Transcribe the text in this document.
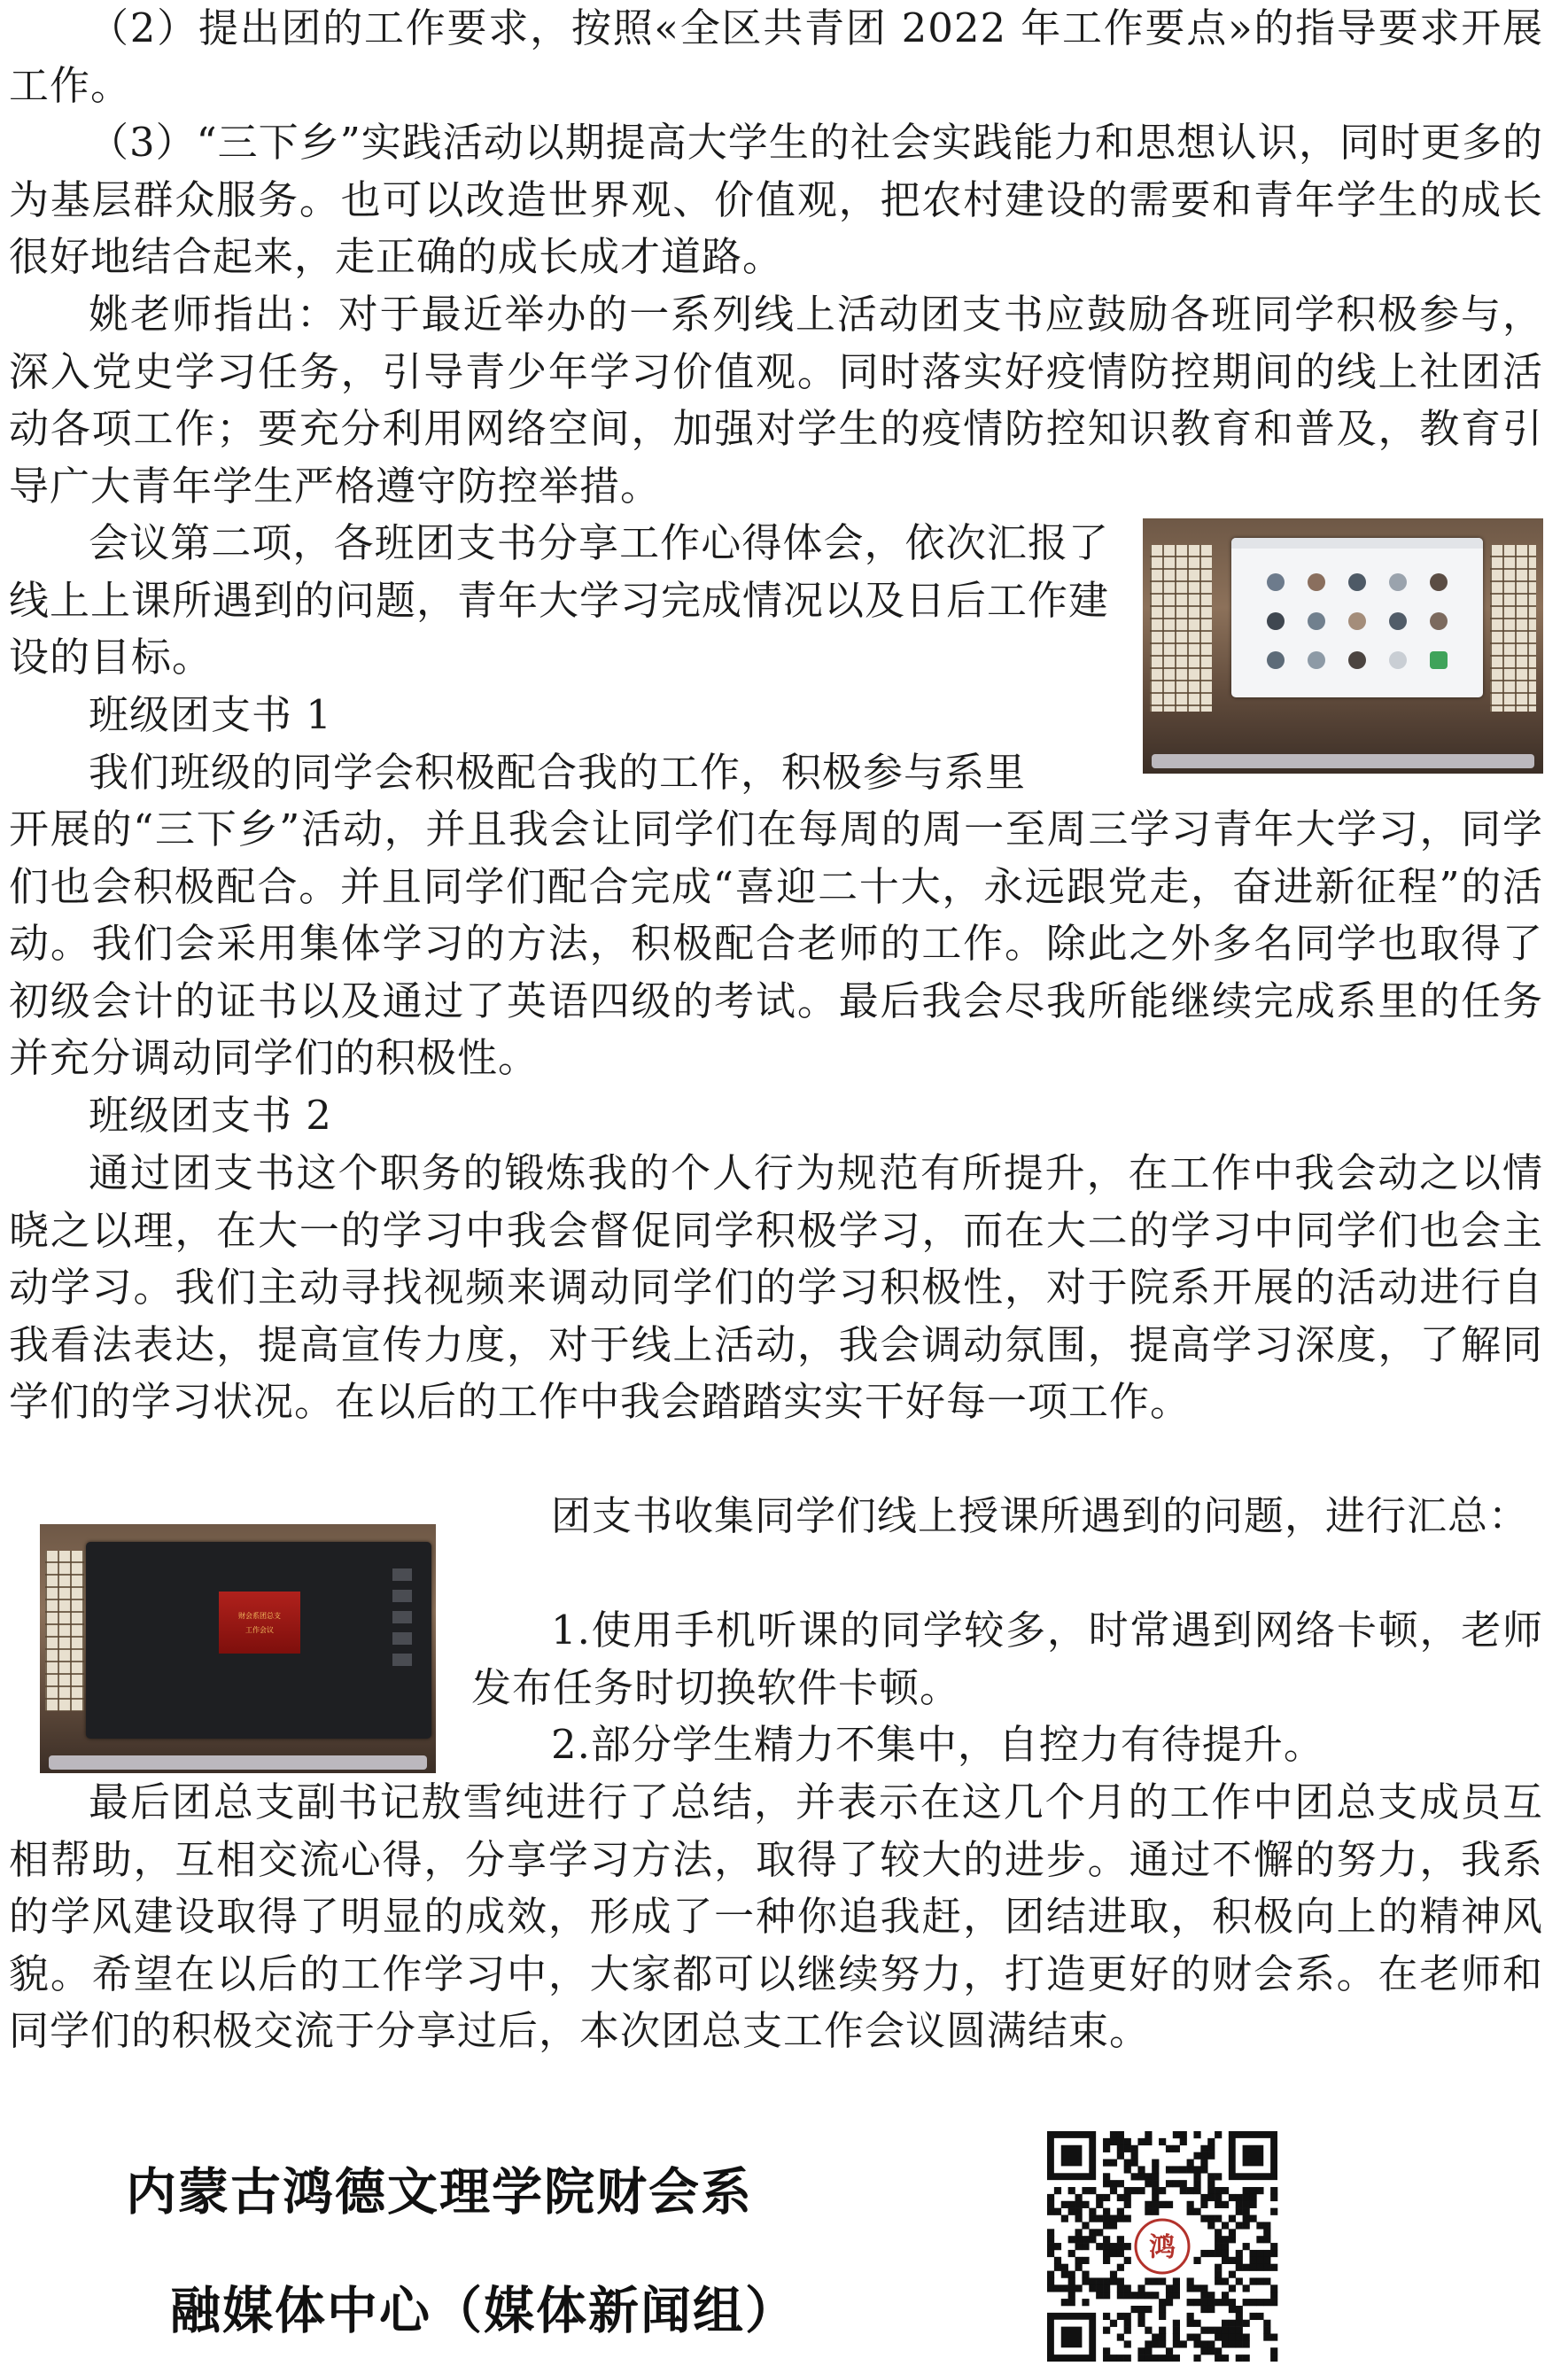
（2）提出团的工作要求，按照«全区共青团 2022 年工作要点»的指导要求开展工作。

（3）“三下乡”实践活动以期提高大学生的社会实践能力和思想认识，同时更多的为基层群众服务。也可以改造世界观、价值观，把农村建设的需要和青年学生的成长很好地结合起来，走正确的成长成才道路。

姚老师指出：对于最近举办的一系列线上活动团支书应鼓励各班同学积极参与，深入党史学习任务，引导青少年学习价值观。同时落实好疫情防控期间的线上社团活动各项工作；要充分利用网络空间，加强对学生的疫情防控知识教育和普及，教育引导广大青年学生严格遵守防控举措。

会议第二项，各班团支书分享工作心得体会，依次汇报了线上上课所遇到的问题，青年大学习完成情况以及日后工作建设的目标。

班级团支书 1

我们班级的同学会积极配合我的工作，积极参与系里

开展的“三下乡”活动，并且我会让同学们在每周的周一至周三学习青年大学习，同学们也会积极配合。并且同学们配合完成“喜迎二十大，永远跟党走，奋进新征程”的活动。我们会采用集体学习的方法，积极配合老师的工作。除此之外多名同学也取得了初级会计的证书以及通过了英语四级的考试。最后我会尽我所能继续完成系里的任务并充分调动同学们的积极性。

班级团支书 2

通过团支书这个职务的锻炼我的个人行为规范有所提升，在工作中我会动之以情晓之以理，在大一的学习中我会督促同学积极学习，而在大二的学习中同学们也会主动学习。我们主动寻找视频来调动同学们的学习积极性，对于院系开展的活动进行自我看法表达，提高宣传力度，对于线上活动，我会调动氛围，提高学习深度，了解同学们的学习状况。在以后的工作中我会踏踏实实干好每一项工作。

团支书收集同学们线上授课所遇到的问题，进行汇总：

1.使用手机听课的同学较多，时常遇到网络卡顿，老师发布任务时切换软件卡顿。

2.部分学生精力不集中，自控力有待提升。

最后团总支副书记敖雪纯进行了总结，并表示在这几个月的工作中团总支成员互相帮助，互相交流心得，分享学习方法，取得了较大的进步。通过不懈的努力，我系的学风建设取得了明显的成效，形成了一种你追我赶，团结进取，积极向上的精神风貌。希望在以后的工作学习中，大家都可以继续努力，打造更好的财会系。在老师和同学们的积极交流于分享过后，本次团总支工作会议圆满结束。

财会系团总支
工作会议

内蒙古鸿德文理学院财会系

融媒体中心（媒体新闻组）

鸿
